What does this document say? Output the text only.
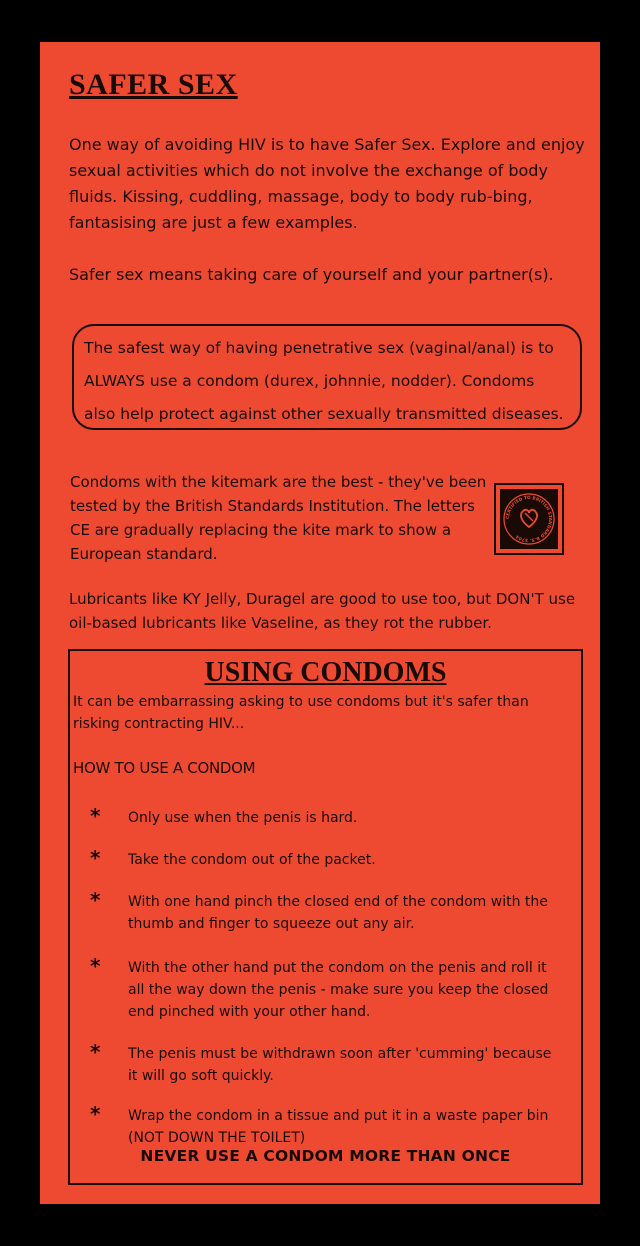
SAFER SEX

One way of avoiding HIV is to have Safer Sex. Explore and enjoy sexual activities which do not involve the exchange of body fluids. Kissing, cuddling, massage, body to body rub-bing, fantasising are just a few examples.

Safer sex means taking care of yourself and your partner(s).

The safest way of having penetrative sex (vaginal/anal) is to ALWAYS use a condom (durex, johnnie, nodder). Condoms also help protect against other sexually transmitted diseases.

Condoms with the kitemark are the best - they've been tested by the British Standards Institution. The letters CE are gradually replacing the kite mark to show a European standard.

CERTIFIED TO BRITISH STANDARD B.S. 3704

Lubricants like KY Jelly, Duragel are good to use too, but DON'T use oil-based lubricants like Vaseline, as they rot the rubber.

USING CONDOMS

It can be embarrassing asking to use condoms but it's safer than risking contracting HIV...

HOW TO USE A CONDOM

* Only use when the penis is hard.
* Take the condom out of the packet.
* With one hand pinch the closed end of the condom with the thumb and finger to squeeze out any air.
* With the other hand put the condom on the penis and roll it all the way down the penis - make sure you keep the closed end pinched with your other hand.
* The penis must be withdrawn soon after 'cumming' because it will go soft quickly.
* Wrap the condom in a tissue and put it in a waste paper bin (NOT DOWN THE TOILET)

NEVER USE A CONDOM MORE THAN ONCE
